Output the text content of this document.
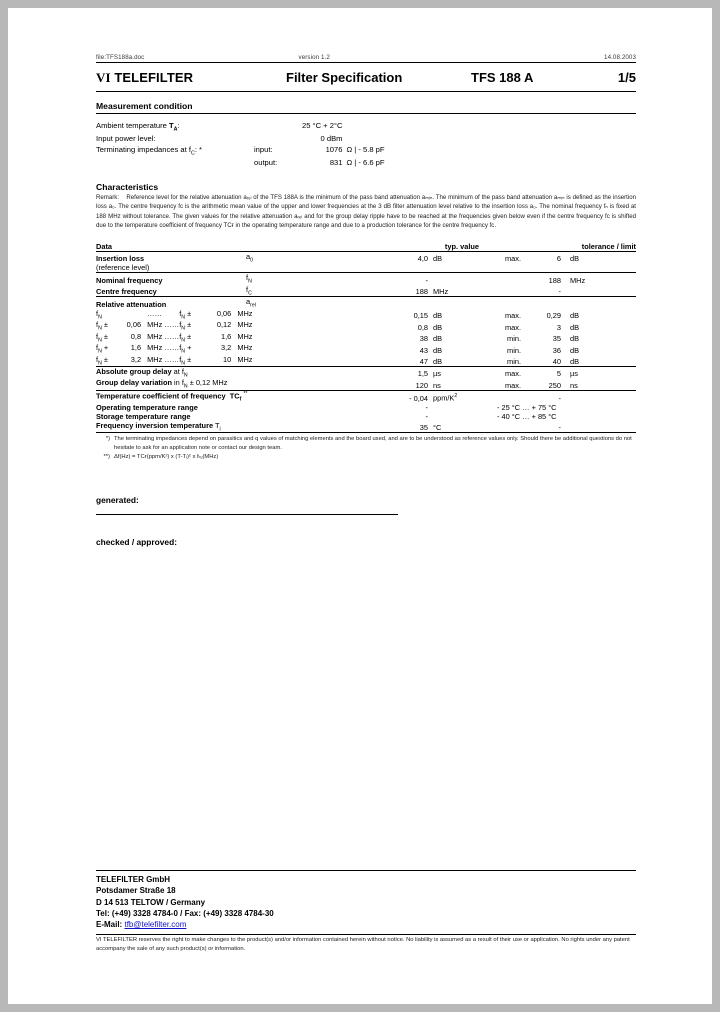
file:TFS188a.doc	version 1.2	14.08.2003
VI TELEFILTER	Filter Specification	TFS 188 A	1/5
Measurement condition
Ambient temperature $T_A$:		25 °C + 2°C	
Input power level:		0 dBm	
Terminating impedances at $f_C$: *	input:	1076	Ω | - 5.8 pF
	output:	831	Ω | - 6.6 pF
Characteristics
Remark: Reference level for the relative attenuation aᵣₑₗ of the TFS 188A is the minimum of the pass band attenuation aₘᵢₙ. The minimum of the pass band attenuation aₘᵢₙ is defined as the insertion loss a₀. The centre frequency fᴄ is the arithmetic mean value of the upper and lower frequencies at the 3 dB filter attenuation level relative to the insertion loss a₀. The nominal frequency fₙ is fixed at 188 MHz without tolerance. The given values for the relative attenuation aᵣₑₗ and for the group delay ripple have to be reached at the frequencies given below even if the centre frequency fᴄ is shifted due to the temperature coefficient of frequency TCғ in the operating temperature range and due to a production tolerance for the centre frequency fᴄ.
Data			typ. value		tolerance / limit		
Insertion loss	$a_0$		4,0	dB	max.	6	dB
(reference level)							
Nominal frequency	$f_N$		-			188	MHz
Centre frequency	$f_C$		188	MHz		-	
Relative attenuation	$a_{rel}$						
$f_N$ …… $f_N \pm 0,06$ MHz			0,15	dB	max.	0,29	dB
$f_N \pm 0,06$ MHz …… $f_N \pm 0,12$ MHz			0,8	dB	max.	3	dB
$f_N \pm 0,8$ MHz …… $f_N \pm 1,6$ MHz			38	dB	min.	35	dB
$f_N + 1,6$ MHz …… $f_N + 3,2$ MHz			43	dB	min.	36	dB
$f_N \pm 3,2$ MHz …… $f_N \pm 10$ MHz			47	dB	min.	40	dB
Absolute group delay at $f_N$			1,5	µs	max.	5	µs
Group delay variation in $f_N \pm 0,12$ MHz			120	ns	max.	250	ns
Temperature coefficient of frequency $TC_f$ **			- 0,04	ppm/$K^2$		-	
Operating temperature range			-		- 25 °C … + 75 °C		
Storage temperature range			-		- 40 °C … + 85 °C		
Frequency inversion temperature $T_i$			35	°C		-	
*) The terminating impedances depend on parasitics and q values of matching elements and the board used, and are to be understood as reference values only. Should there be additional questions do not hesitate to ask for an application note or contact our design team.
**) Δf(Hz) = TCғ(ppm/K²) x (T-Tᵢ)² x fₜᵤ(MHz)
generated:
checked / approved:
TELEFILTER GmbH
Potsdamer Straße 18
D 14 513 TELTOW / Germany
Tel: (+49) 3328 4784-0 / Fax: (+49) 3328 4784-30
E-Mail: tfb@telefilter.com
VI TELEFILTER reserves the right to make changes to the product(s) and/or information contained herein without notice. No liability is assumed as a result of their use or application. No rights under any patent accompany the sale of any such product(s) or information.
